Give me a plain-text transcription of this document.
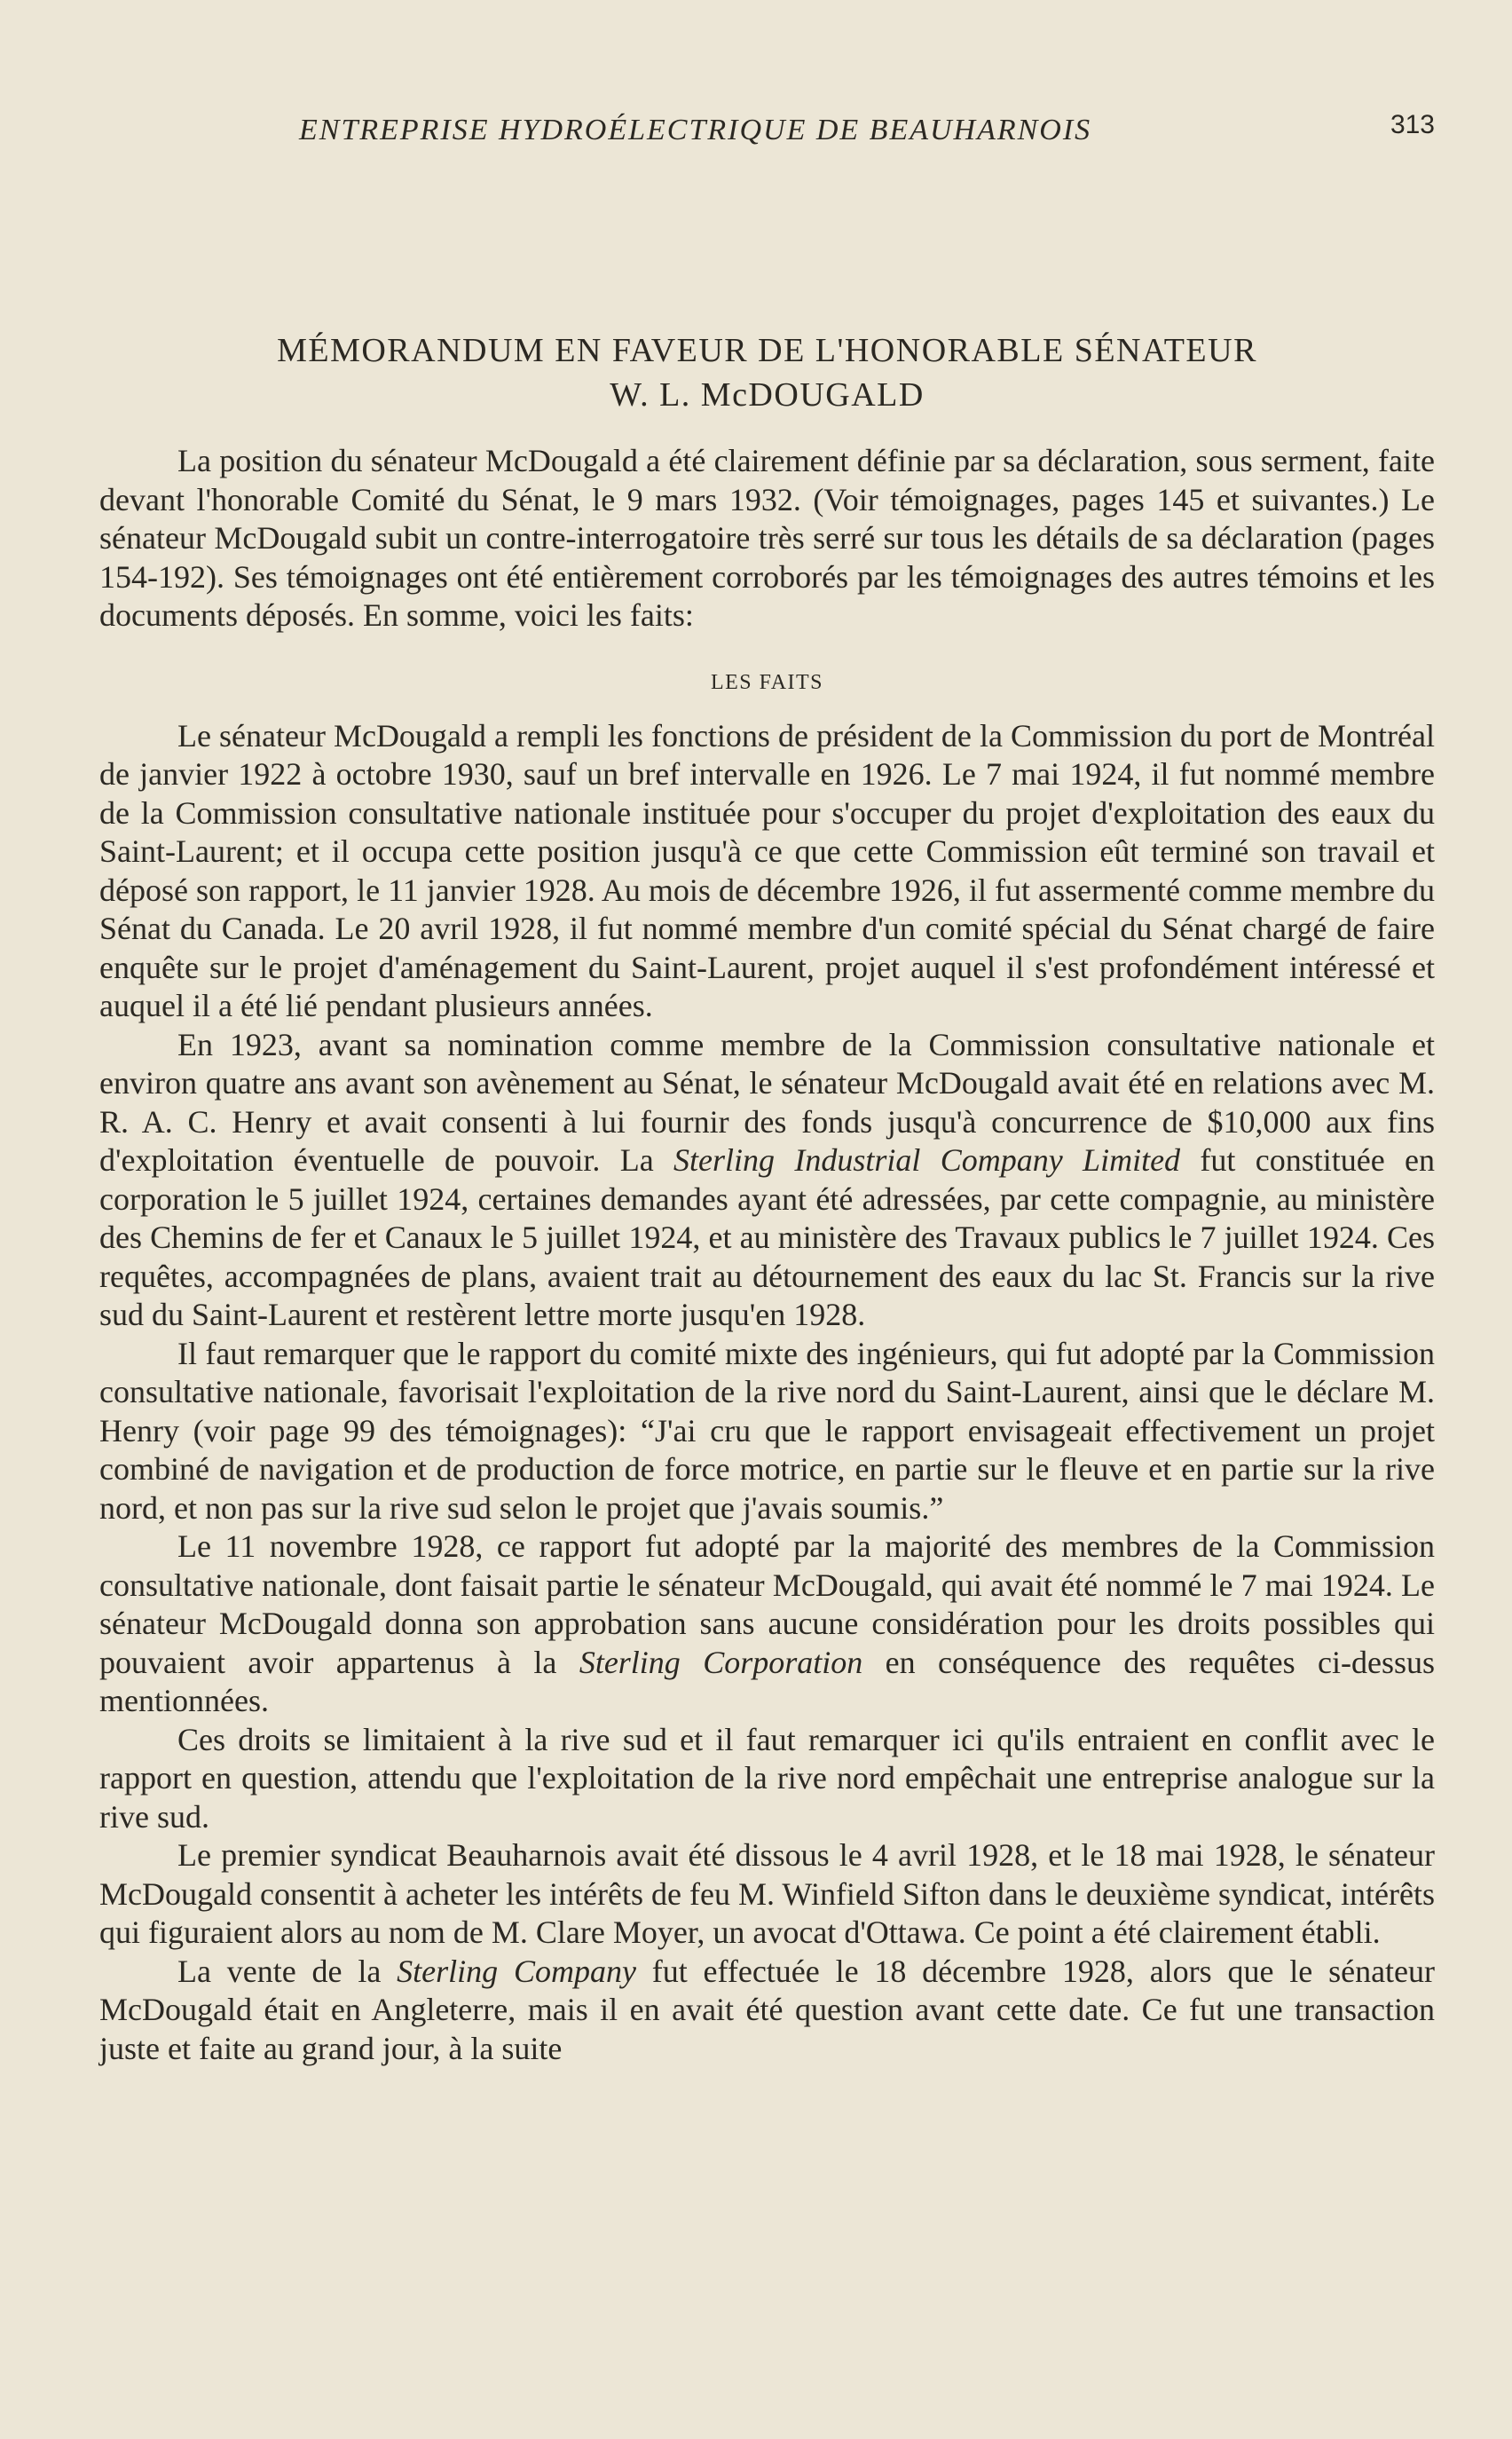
ENTREPRISE HYDROÉLECTRIQUE DE BEAUHARNOIS	313
MÉMORANDUM EN FAVEUR DE L'HONORABLE SÉNATEUR
W. L. McDOUGALD

La position du sénateur McDougald a été clairement définie par sa déclaration, sous serment, faite devant l'honorable Comité du Sénat, le 9 mars 1932. (Voir témoignages, pages 145 et suivantes.) Le sénateur McDougald subit un contre-interrogatoire très serré sur tous les détails de sa déclaration (pages 154-192). Ses témoignages ont été entièrement corroborés par les témoignages des autres témoins et les documents déposés. En somme, voici les faits:

LES FAITS

Le sénateur McDougald a rempli les fonctions de président de la Commission du port de Montréal de janvier 1922 à octobre 1930, sauf un bref intervalle en 1926. Le 7 mai 1924, il fut nommé membre de la Commission consultative nationale instituée pour s'occuper du projet d'exploitation des eaux du Saint-Laurent; et il occupa cette position jusqu'à ce que cette Commission eût terminé son travail et déposé son rapport, le 11 janvier 1928. Au mois de décembre 1926, il fut assermenté comme membre du Sénat du Canada. Le 20 avril 1928, il fut nommé membre d'un comité spécial du Sénat chargé de faire enquête sur le projet d'aménagement du Saint-Laurent, projet auquel il s'est profondément intéressé et auquel il a été lié pendant plusieurs années.

En 1923, avant sa nomination comme membre de la Commission consultative nationale et environ quatre ans avant son avènement au Sénat, le sénateur McDougald avait été en relations avec M. R. A. C. Henry et avait consenti à lui fournir des fonds jusqu'à concurrence de $10,000 aux fins d'exploitation éventuelle de pouvoir. La Sterling Industrial Company Limited fut constituée en corporation le 5 juillet 1924, certaines demandes ayant été adressées, par cette compagnie, au ministère des Chemins de fer et Canaux le 5 juillet 1924, et au ministère des Travaux publics le 7 juillet 1924. Ces requêtes, accompagnées de plans, avaient trait au détournement des eaux du lac St. Francis sur la rive sud du Saint-Laurent et restèrent lettre morte jusqu'en 1928.

Il faut remarquer que le rapport du comité mixte des ingénieurs, qui fut adopté par la Commission consultative nationale, favorisait l'exploitation de la rive nord du Saint-Laurent, ainsi que le déclare M. Henry (voir page 99 des témoignages): “J'ai cru que le rapport envisageait effectivement un projet combiné de navigation et de production de force motrice, en partie sur le fleuve et en partie sur la rive nord, et non pas sur la rive sud selon le projet que j'avais soumis.”

Le 11 novembre 1928, ce rapport fut adopté par la majorité des membres de la Commission consultative nationale, dont faisait partie le sénateur McDougald, qui avait été nommé le 7 mai 1924. Le sénateur McDougald donna son approbation sans aucune considération pour les droits possibles qui pouvaient avoir appartenus à la Sterling Corporation en conséquence des requêtes ci-dessus mentionnées.

Ces droits se limitaient à la rive sud et il faut remarquer ici qu'ils entraient en conflit avec le rapport en question, attendu que l'exploitation de la rive nord empêchait une entreprise analogue sur la rive sud.

Le premier syndicat Beauharnois avait été dissous le 4 avril 1928, et le 18 mai 1928, le sénateur McDougald consentit à acheter les intérêts de feu M. Winfield Sifton dans le deuxième syndicat, intérêts qui figuraient alors au nom de M. Clare Moyer, un avocat d'Ottawa. Ce point a été clairement établi.

La vente de la Sterling Company fut effectuée le 18 décembre 1928, alors que le sénateur McDougald était en Angleterre, mais il en avait été question avant cette date. Ce fut une transaction juste et faite au grand jour, à la suite
